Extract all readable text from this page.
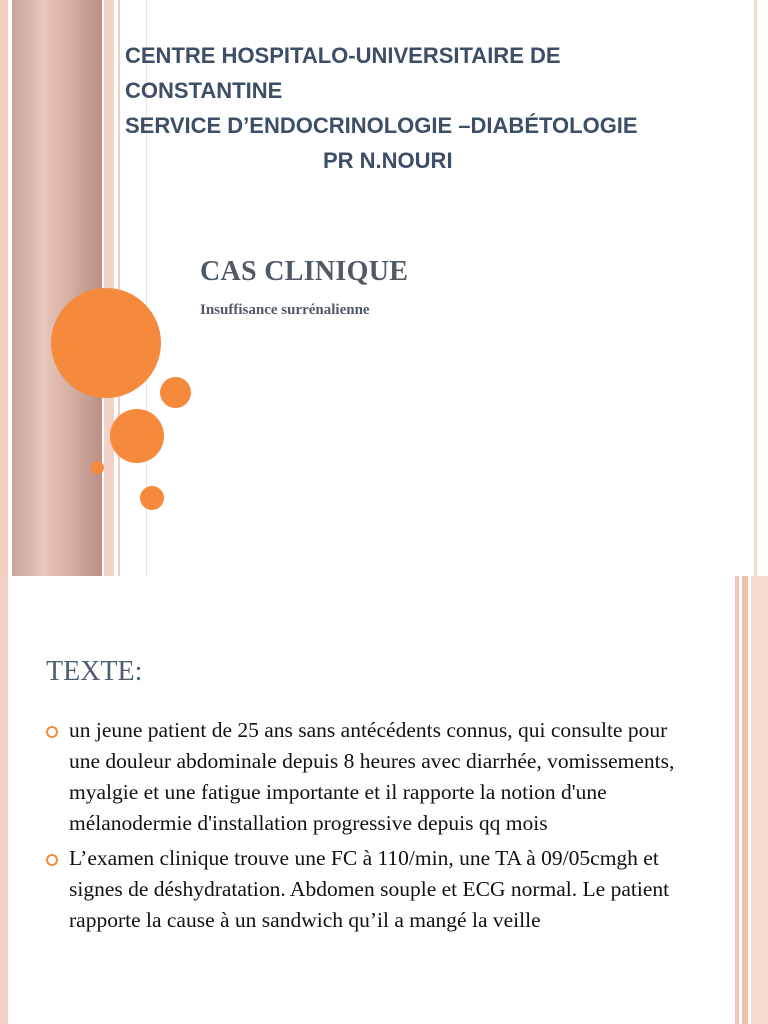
CENTRE HOSPITALO-UNIVERSITAIRE DE

CONSTANTINE

SERVICE D’ENDOCRINOLOGIE –DIABÉTOLOGIE

PR N.NOURI

CAS CLINIQUE
Insuffisance surrénalienne
TEXTE:
un jeune patient de 25 ans sans antécédents connus, qui consulte pour une douleur abdominale depuis 8 heures avec diarrhée, vomissements, myalgie et une fatigue importante et il rapporte la notion d'une mélanodermie d'installation progressive depuis qq mois
L’examen clinique trouve une FC à 110/min, une TA à 09/05cmgh et signes de déshydratation. Abdomen souple et ECG normal. Le patient rapporte la cause à un sandwich qu’il a mangé la veille
